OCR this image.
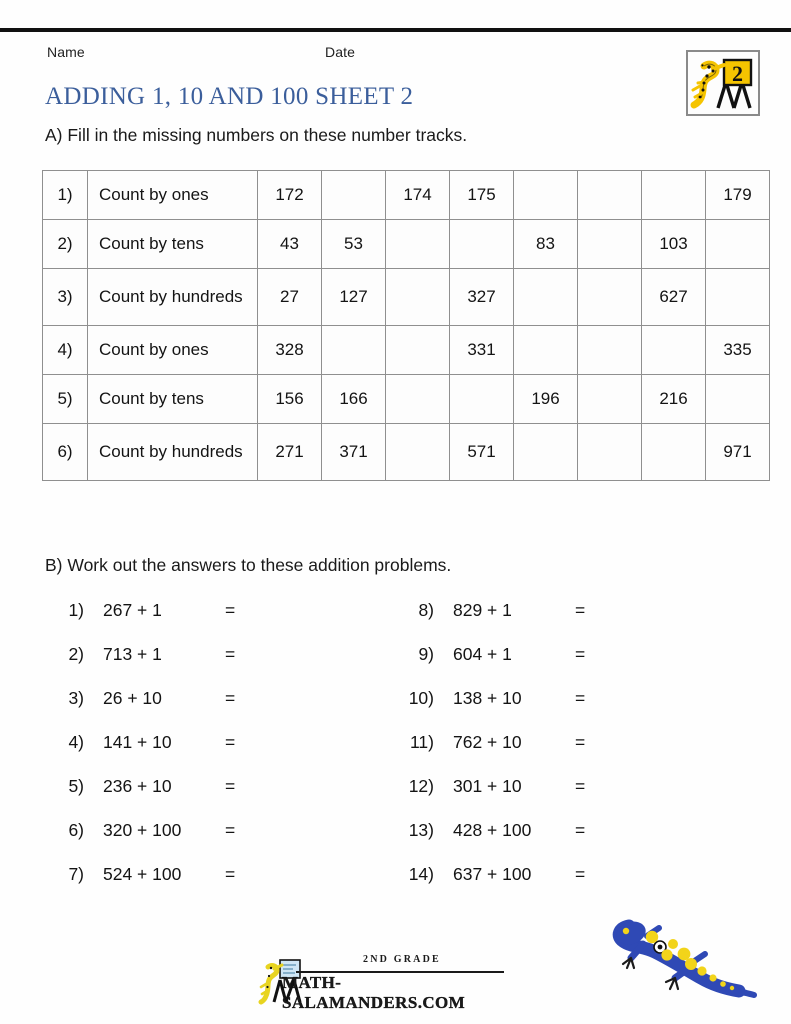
Name	Date
2
ADDING 1, 10 AND 100 SHEET 2
A) Fill in the missing numbers on these number tracks.
1)	Count by ones	172		174	175				179
2)	Count by tens	43	53			83		103	
3)	Count by hundreds	27	127		327			627	
4)	Count by ones	328			331				335
5)	Count by tens	156	166			196		216	
6)	Count by hundreds	271	371		571				971
B) Work out the answers to these addition problems.
1) 267 + 1	=
2) 713 + 1	=
3) 26 + 10	=
4) 141 + 10	=
5) 236 + 10	=
6) 320 + 100 =
7) 524 + 100 =
8) 829 + 1	=
9) 604 + 1	=
10) 138 + 10	=
11) 762 + 10	=
12) 301 + 10	=
13) 428 + 100 =
14) 637 + 100 =
2ND GRADE
MATH-SALAMANDERS.COM
